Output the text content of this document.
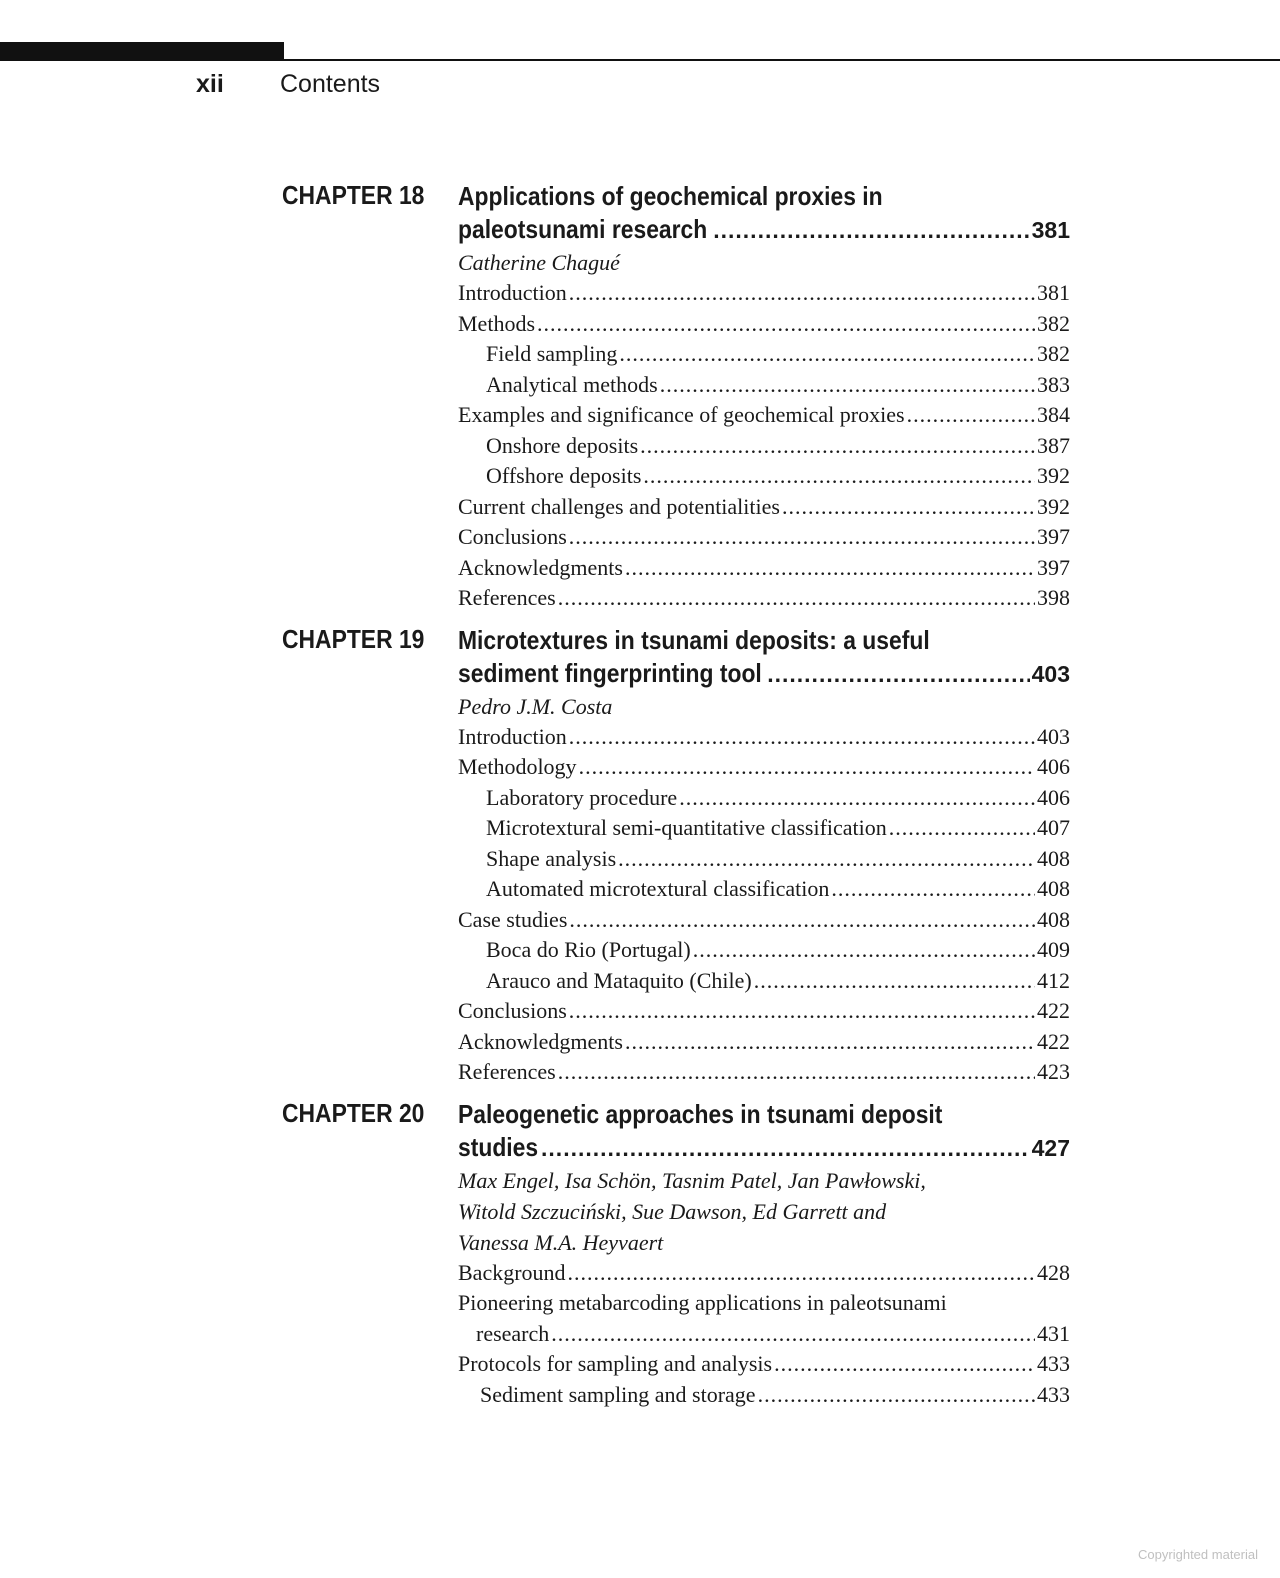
xii Contents
CHAPTER 18 Applications of geochemical proxies in
paleotsunami research .....	381
Catherine Chagué
Introduction .....	381
Methods .....	382
Field sampling .....	382
Analytical methods .....	383
Examples and significance of geochemical proxies .....	384
Onshore deposits .....	387
Offshore deposits .....	392
Current challenges and potentialities .....	392
Conclusions .....	397
Acknowledgments .....	397
References .....	398
CHAPTER 19 Microtextures in tsunami deposits: a useful
sediment fingerprinting tool .....	403
Pedro J.M. Costa
Introduction .....	403
Methodology .....	406
Laboratory procedure .....	406
Microtextural semi-quantitative classification .....	407
Shape analysis .....	408
Automated microtextural classification .....	408
Case studies .....	408
Boca do Rio (Portugal) .....	409
Arauco and Mataquito (Chile) .....	412
Conclusions .....	422
Acknowledgments .....	422
References .....	423
CHAPTER 20 Paleogenetic approaches in tsunami deposit
studies .....	427
Max Engel, Isa Schön, Tasnim Patel, Jan Pawłowski,
Witold Szczuciński, Sue Dawson, Ed Garrett and
Vanessa M.A. Heyvaert
Background .....	428
Pioneering metabarcoding applications in paleotsunami
research .....	431
Protocols for sampling and analysis .....	433
Sediment sampling and storage .....	433
Copyrighted material
